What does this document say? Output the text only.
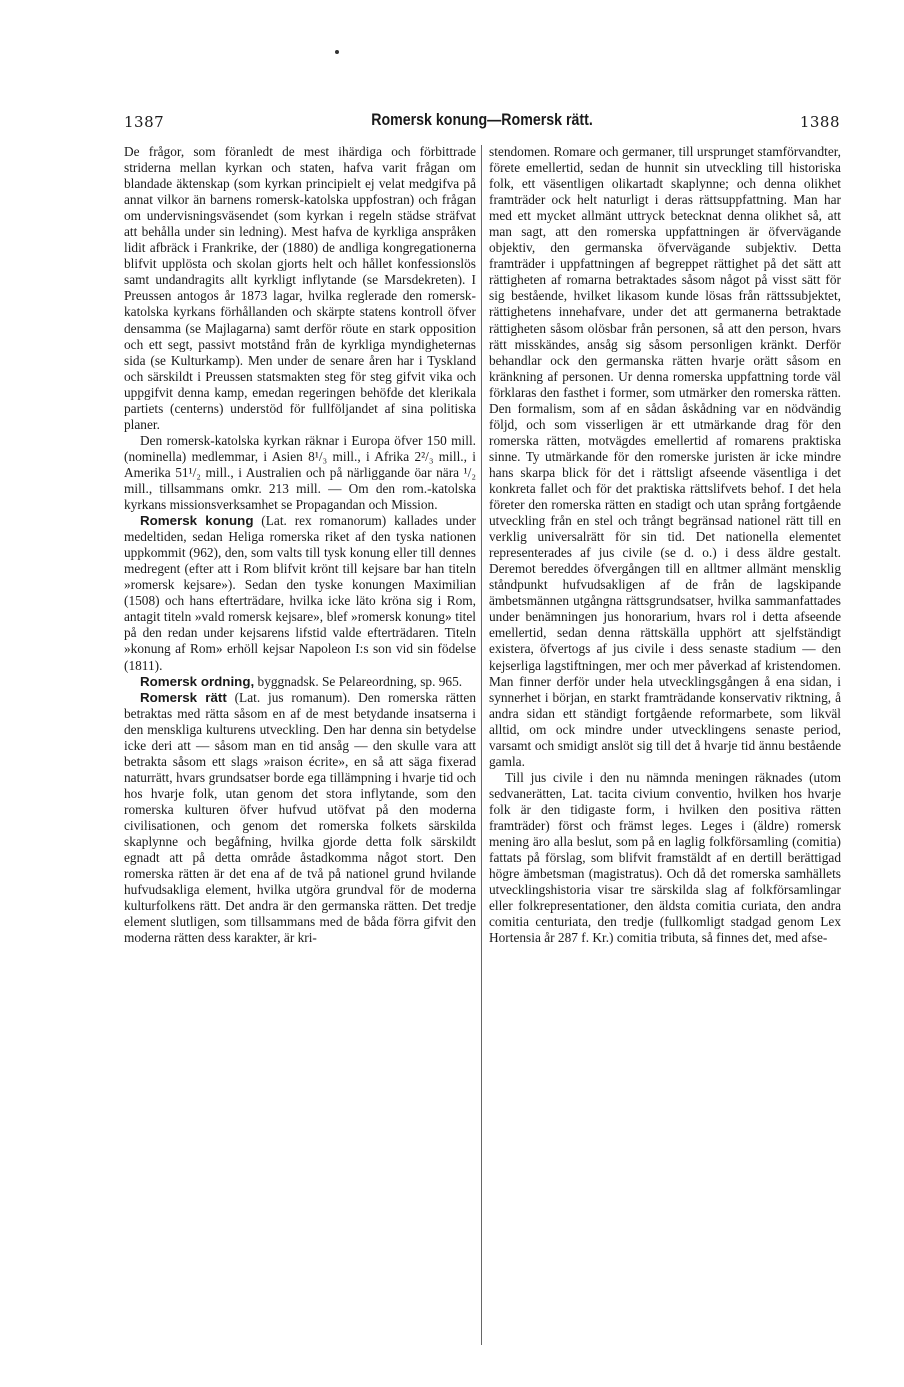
1387	Romersk konung—Romersk rätt.	1388

De frågor, som föranledt de mest ihärdiga och förbittrade striderna mellan kyrkan och staten, hafva varit frågan om blandade äktenskap (som kyrkan principielt ej velat medgifva på annat vilkor än barnens romersk-katolska uppfostran) och frågan om undervisningsväsendet (som kyrkan i regeln städse sträfvat att behålla under sin ledning). Mest hafva de kyrkliga anspråken lidit afbräck i Frankrike, der (1880) de andliga kongregationerna blifvit upplösta och skolan gjorts helt och hållet konfessionslös samt undandragits allt kyrkligt inflytande (se Marsdekreten). I Preussen antogos år 1873 lagar, hvilka reglerade den romersk-katolska kyrkans förhållanden och skärpte statens kontroll öfver densamma (se Majlagarna) samt derför röute en stark opposition och ett segt, passivt motstånd från de kyrkliga myndigheternas sida (se Kulturkamp). Men under de senare åren har i Tyskland och särskildt i Preussen statsmakten steg för steg gifvit vika och uppgifvit denna kamp, emedan regeringen behöfde det klerikala partiets (centerns) understöd för fullföljandet af sina politiska planer.

Den romersk-katolska kyrkan räknar i Europa öfver 150 mill. (nominella) medlemmar, i Asien 8¹/₃ mill., i Afrika 2²/₃ mill., i Amerika 51¹/₂ mill., i Australien och på närliggande öar nära ¹/₂ mill., tillsammans omkr. 213 mill. — Om den rom.-katolska kyrkans missionsverksamhet se Propagandan och Mission.

Romersk konung (Lat. rex romanorum) kallades under medeltiden, sedan Heliga romerska riket af den tyska nationen uppkommit (962), den, som valts till tysk konung eller till dennes medregent (efter att i Rom blifvit krönt till kejsare bar han titeln »romersk kejsare»). Sedan den tyske konungen Maximilian (1508) och hans efterträdare, hvilka icke läto kröna sig i Rom, antagit titeln »vald romersk kejsare», blef »romersk konung» titel på den redan under kejsarens lifstid valde efterträdaren. Titeln »konung af Rom» erhöll kejsar Napoleon I:s son vid sin födelse (1811).

Romersk ordning, byggnadsk. Se Pelareordning, sp. 965.

Romersk rätt (Lat. jus romanum). Den romerska rätten betraktas med rätta såsom en af de mest betydande insatserna i den menskliga kulturens utveckling. Den har denna sin betydelse icke deri att — såsom man en tid ansåg — den skulle vara att betrakta såsom ett slags »raison écrite», en så att säga fixerad naturrätt, hvars grundsatser borde ega tillämpning i hvarje tid och hos hvarje folk, utan genom det stora inflytande, som den romerska kulturen öfver hufvud utöfvat på den moderna civilisationen, och genom det romerska folkets särskilda skaplynne och begåfning, hvilka gjorde detta folk särskildt egnadt att på detta område åstadkomma något stort. Den romerska rätten är det ena af de två på nationel grund hvilande hufvudsakliga element, hvilka utgöra grundval för de moderna kulturfolkens rätt. Det andra är den germanska rätten. Det tredje element slutligen, som tillsammans med de båda förra gifvit den moderna rätten dess karakter, är kri-

stendomen. Romare och germaner, till ursprunget stamförvandter, förete emellertid, sedan de hunnit sin utveckling till historiska folk, ett väsentligen olikartadt skaplynne; och denna olikhet framträder ock helt naturligt i deras rättsuppfattning. Man har med ett mycket allmänt uttryck betecknat denna olikhet så, att man sagt, att den romerska uppfattningen är öfvervägande objektiv, den germanska öfvervägande subjektiv. Detta framträder i uppfattningen af begreppet rättighet på det sätt att rättigheten af romarna betraktades såsom något på visst sätt för sig bestående, hvilket likasom kunde lösas från rättssubjektet, rättighetens innehafvare, under det att germanerna betraktade rättigheten såsom olösbar från personen, så att den person, hvars rätt misskändes, ansåg sig såsom personligen kränkt. Derför behandlar ock den germanska rätten hvarje orätt såsom en kränkning af personen. Ur denna romerska uppfattning torde väl förklaras den fasthet i former, som utmärker den romerska rätten. Den formalism, som af en sådan åskådning var en nödvändig följd, och som visserligen är ett utmärkande drag för den romerska rätten, motvägdes emellertid af romarens praktiska sinne. Ty utmärkande för den romerske juristen är icke mindre hans skarpa blick för det i rättsligt afseende väsentliga i det konkreta fallet och för det praktiska rättslifvets behof. I det hela företer den romerska rätten en stadigt och utan språng fortgående utveckling från en stel och trångt begränsad nationel rätt till en verklig universalrätt för sin tid. Det nationella elementet representerades af jus civile (se d. o.) i dess äldre gestalt. Deremot bereddes öfvergången till en alltmer allmänt mensklig ståndpunkt hufvudsakligen af de från de lagskipande ämbetsmännen utgångna rättsgrundsatser, hvilka sammanfattades under benämningen jus honorarium, hvars rol i detta afseende emellertid, sedan denna rättskälla upphört att sjelfständigt existera, öfvertogs af jus civile i dess senaste stadium — den kejserliga lagstiftningen, mer och mer påverkad af kristendomen. Man finner derför under hela utvecklingsgången å ena sidan, i synnerhet i början, en starkt framträdande konservativ riktning, å andra sidan ett ständigt fortgående reformarbete, som likväl alltid, om ock mindre under utvecklingens senaste period, varsamt och smidigt anslöt sig till det å hvarje tid ännu bestående gamla.

Till jus civile i den nu nämnda meningen räknades (utom sedvanerätten, Lat. tacita civium conventio, hvilken hos hvarje folk är den tidigaste form, i hvilken den positiva rätten framträder) först och främst leges. Leges i (äldre) romersk mening äro alla beslut, som på en laglig folkförsamling (comitia) fattats på förslag, som blifvit framstäldt af en dertill berättigad högre ämbetsman (magistratus). Och då det romerska samhällets utvecklingshistoria visar tre särskilda slag af folkförsamlingar eller folkrepresentationer, den äldsta comitia curiata, den andra comitia centuriata, den tredje (fullkomligt stadgad genom Lex Hortensia år 287 f. Kr.) comitia tributa, så finnes det, med afse-
